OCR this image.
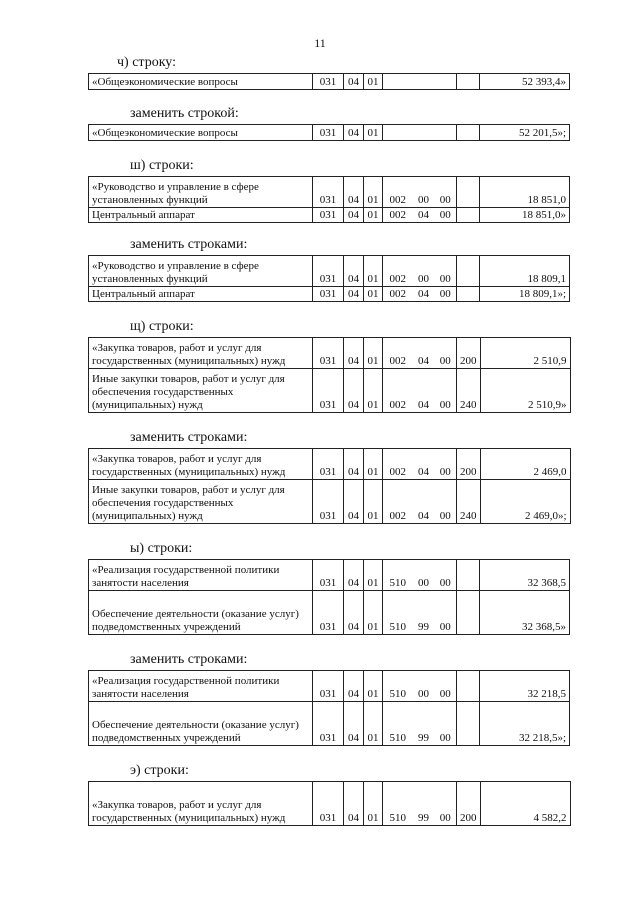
11
ч) строку:
«Общеэкономические вопросы	031	04	01					52 393,4»
заменить строкой:
«Общеэкономические вопросы	031	04	01					52 201,5»;
ш) строки:
«Руководство и управление в сфере установленных функций	031	04	01	002	00	00		18 851,0
Центральный аппарат	031	04	01	002	04	00		18 851,0»
заменить строками:
«Руководство и управление в сфере установленных функций	031	04	01	002	00	00		18 809,1
Центральный аппарат	031	04	01	002	04	00		18 809,1»;
щ) строки:
«Закупка товаров, работ и услуг для государственных (муниципальных) нужд	031	04	01	002	04	00	200	2 510,9
Иные закупки товаров, работ и услуг для обеспечения государственных (муниципальных) нужд	031	04	01	002	04	00	240	2 510,9»
заменить строками:
«Закупка товаров, работ и услуг для государственных (муниципальных) нужд	031	04	01	002	04	00	200	2 469,0
Иные закупки товаров, работ и услуг для обеспечения государственных (муниципальных) нужд	031	04	01	002	04	00	240	2 469,0»;
ы) строки:
«Реализация государственной политики занятости населения	031	04	01	510	00	00		32 368,5
Обеспечение деятельности (оказание услуг) подведомственных учреждений	031	04	01	510	99	00		32 368,5»
заменить строками:
«Реализация государственной политики занятости населения	031	04	01	510	00	00		32 218,5
Обеспечение деятельности (оказание услуг) подведомственных учреждений	031	04	01	510	99	00		32 218,5»;
э) строки:
«Закупка товаров, работ и услуг для государственных (муниципальных) нужд	031	04	01	510	99	00	200	4 582,2
